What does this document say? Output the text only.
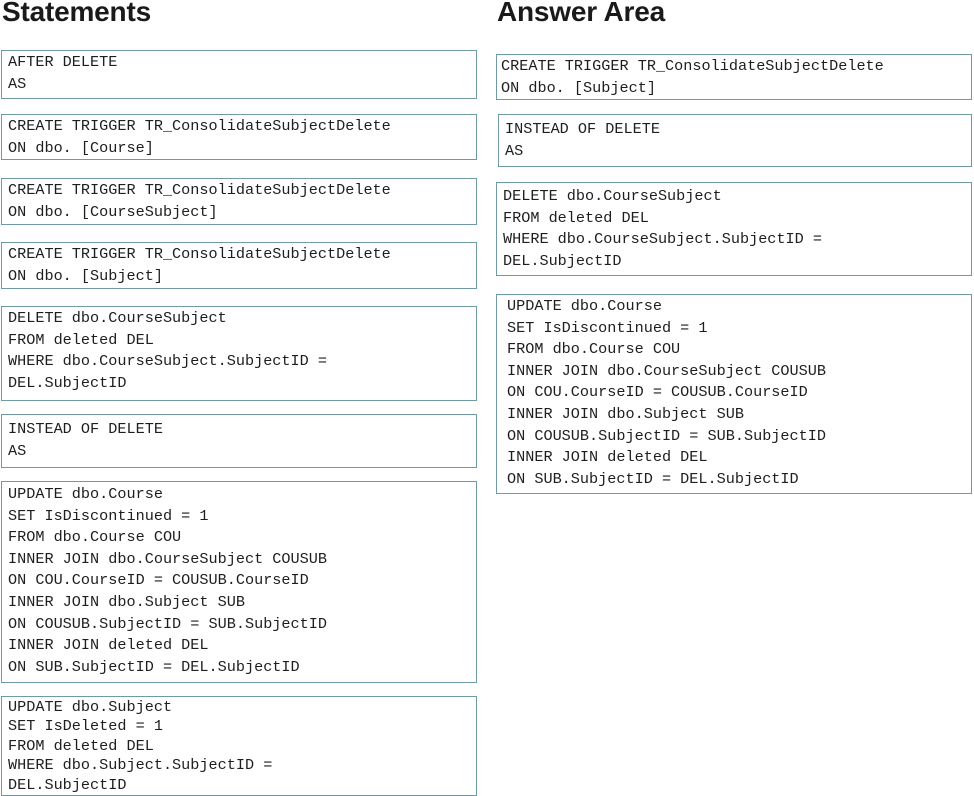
Statements	Answer Area
AFTER DELETE
AS
CREATE TRIGGER TR_ConsolidateSubjectDelete
ON dbo. [Course]
CREATE TRIGGER TR_ConsolidateSubjectDelete
ON dbo. [CourseSubject]
CREATE TRIGGER TR_ConsolidateSubjectDelete
ON dbo. [Subject]
DELETE dbo.CourseSubject
FROM deleted DEL
WHERE dbo.CourseSubject.SubjectID =
DEL.SubjectID
INSTEAD OF DELETE
AS
UPDATE dbo.Course
SET IsDiscontinued = 1
FROM dbo.Course COU
INNER JOIN dbo.CourseSubject COUSUB
ON COU.CourseID = COUSUB.CourseID
INNER JOIN dbo.Subject SUB
ON COUSUB.SubjectID = SUB.SubjectID
INNER JOIN deleted DEL
ON SUB.SubjectID = DEL.SubjectID
UPDATE dbo.Subject
SET IsDeleted = 1
FROM deleted DEL
WHERE dbo.Subject.SubjectID =
DEL.SubjectID
CREATE TRIGGER TR_ConsolidateSubjectDelete
ON dbo. [Subject]
INSTEAD OF DELETE
AS
DELETE dbo.CourseSubject
FROM deleted DEL
WHERE dbo.CourseSubject.SubjectID =
DEL.SubjectID
UPDATE dbo.Course
SET IsDiscontinued = 1
FROM dbo.Course COU
INNER JOIN dbo.CourseSubject COUSUB
ON COU.CourseID = COUSUB.CourseID
INNER JOIN dbo.Subject SUB
ON COUSUB.SubjectID = SUB.SubjectID
INNER JOIN deleted DEL
ON SUB.SubjectID = DEL.SubjectID
